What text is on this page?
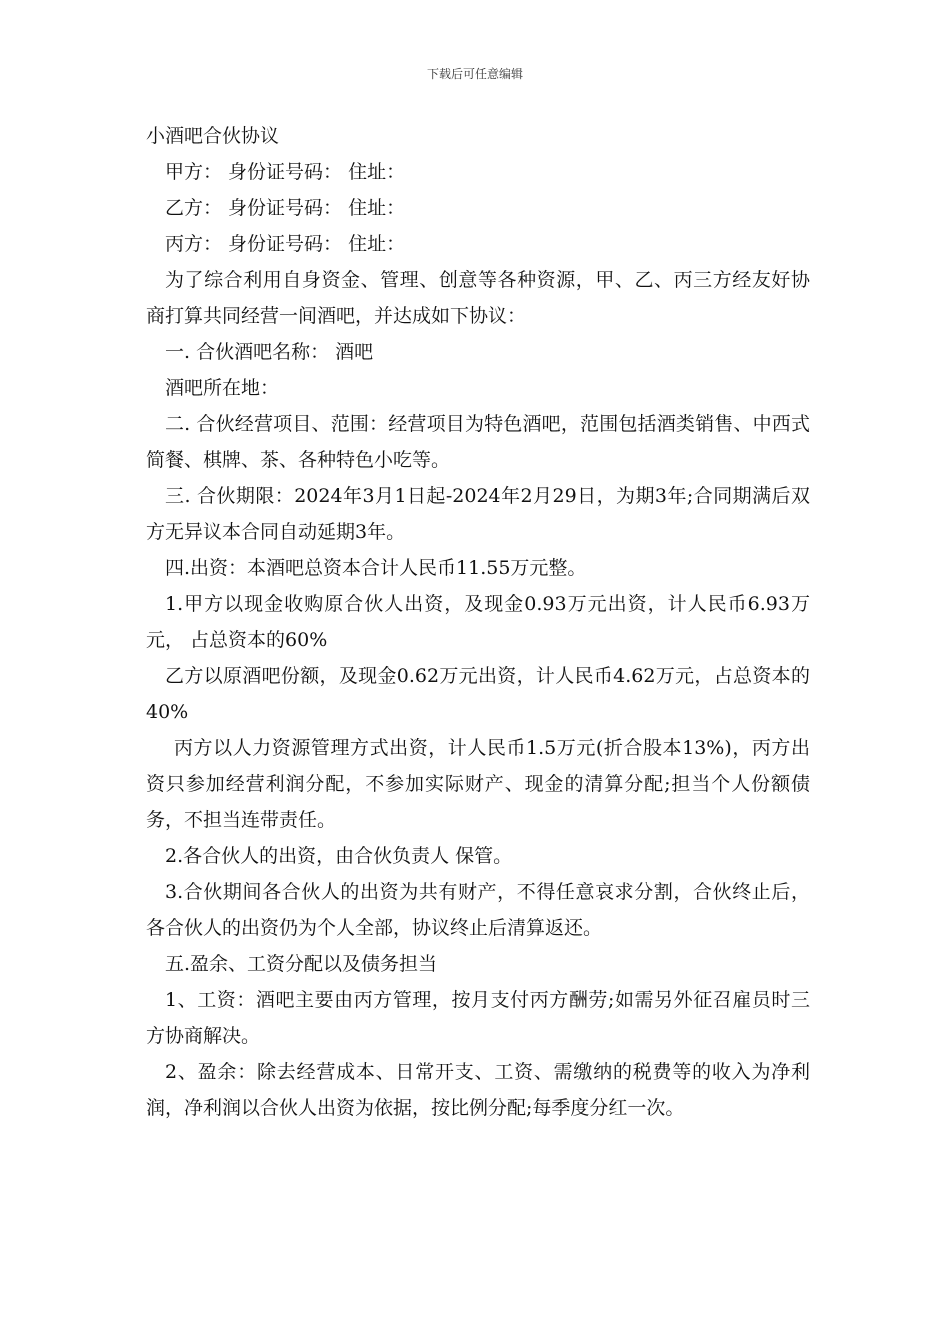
下载后可任意编辑

小酒吧合伙协议

甲方： 身份证号码： 住址：

乙方： 身份证号码： 住址：

丙方： 身份证号码： 住址：

为了综合利用自身资金、管理、创意等各种资源，甲、乙、丙三方经友好协商打算共同经营一间酒吧，并达成如下协议：

一. 合伙酒吧名称： 酒吧

酒吧所在地：

二. 合伙经营项目、范围：经营项目为特色酒吧，范围包括酒类销售、中西式简餐、棋牌、茶、各种特色小吃等。

三. 合伙期限：2024年3月1日起-2024年2月29日，为期3年;合同期满后双方无异议本合同自动延期3年。

四.出资：本酒吧总资本合计人民币11.55万元整。

1.甲方以现金收购原合伙人出资，及现金0.93万元出资，计人民币6.93万元， 占总资本的60%

乙方以原酒吧份额，及现金0.62万元出资，计人民币4.62万元，占总资本的40%

丙方以人力资源管理方式出资，计人民币1.5万元(折合股本13%)，丙方出资只参加经营利润分配，不参加实际财产、现金的清算分配;担当个人份额债务，不担当连带责任。

2.各合伙人的出资，由合伙负责人 保管。

3.合伙期间各合伙人的出资为共有财产，不得任意哀求分割，合伙终止后，各合伙人的出资仍为个人全部，协议终止后清算返还。

五.盈余、工资分配以及债务担当

1、工资：酒吧主要由丙方管理，按月支付丙方酬劳;如需另外征召雇员时三方协商解决。

2、盈余：除去经营成本、日常开支、工资、需缴纳的税费等的收入为净利润，净利润以合伙人出资为依据，按比例分配;每季度分红一次。
